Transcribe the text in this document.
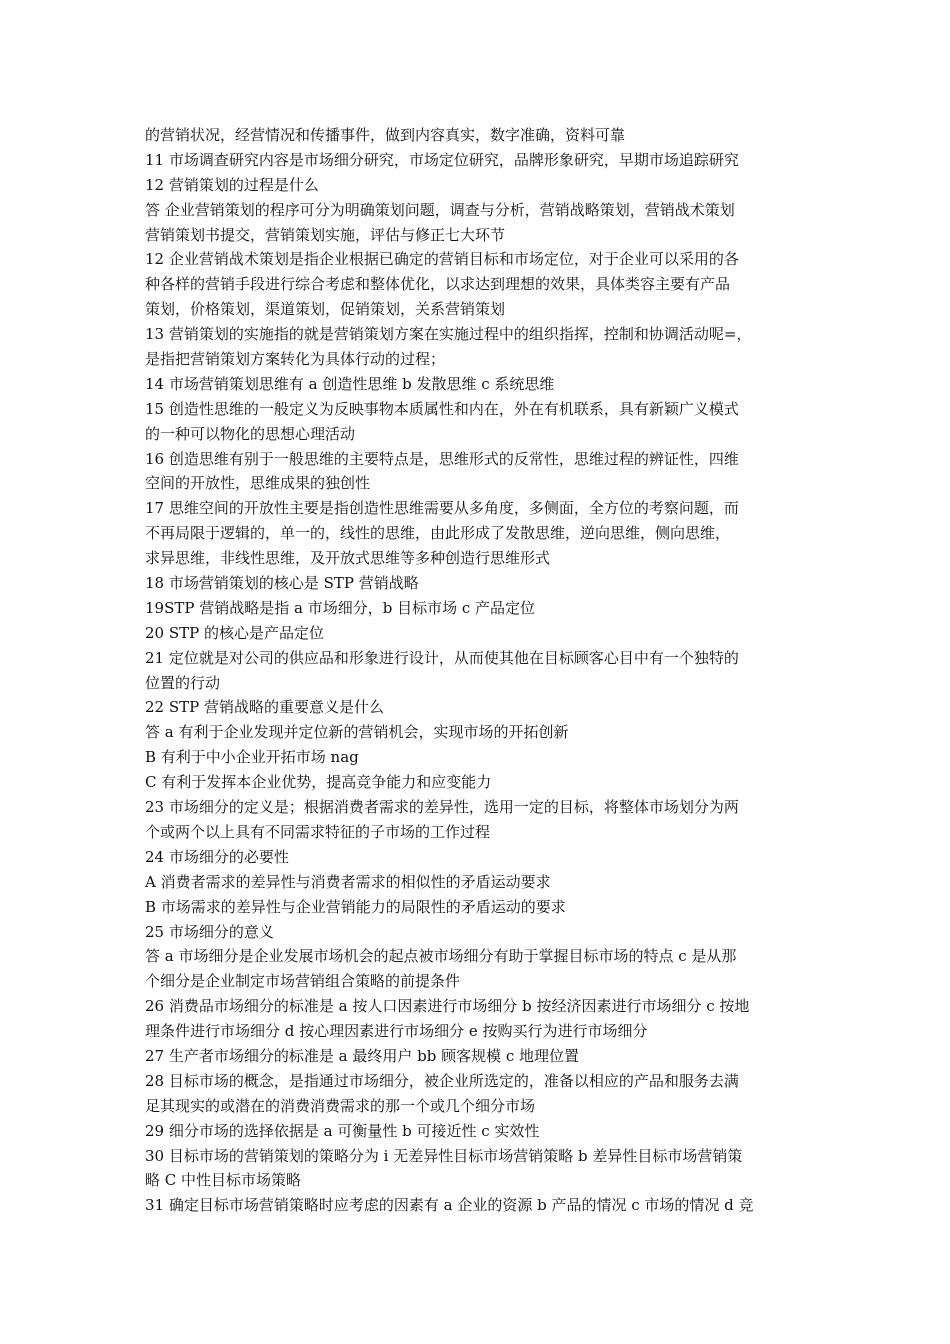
的营销状况，经营情况和传播事件，做到内容真实，数字准确，资料可靠
11 市场调查研究内容是市场细分研究，市场定位研究，品牌形象研究，早期市场追踪研究
12 营销策划的过程是什么
答 企业营销策划的程序可分为明确策划问题，调查与分析，营销战略策划，营销战术策划
营销策划书提交，营销策划实施，评估与修正七大环节
12 企业营销战术策划是指企业根据已确定的营销目标和市场定位，对于企业可以采用的各
种各样的营销手段进行综合考虑和整体优化，以求达到理想的效果，具体类容主要有产品
策划，价格策划，渠道策划，促销策划，关系营销策划
13 营销策划的实施指的就是营销策划方案在实施过程中的组织指挥，控制和协调活动呢=，
是指把营销策划方案转化为具体行动的过程；
14 市场营销策划思维有 a 创造性思维 b 发散思维 c 系统思维
15 创造性思维的一般定义为反映事物本质属性和内在，外在有机联系，具有新颖广义模式
的一种可以物化的思想心理活动
16 创造思维有别于一般思维的主要特点是，思维形式的反常性，思维过程的辨证性，四维
空间的开放性，思维成果的独创性
17 思维空间的开放性主要是指创造性思维需要从多角度，多侧面，全方位的考察问题，而
不再局限于逻辑的，单一的，线性的思维，由此形成了发散思维，逆向思维，侧向思维，
求异思维，非线性思维，及开放式思维等多种创造行思维形式
18 市场营销策划的核心是 STP 营销战略
19STP 营销战略是指 a 市场细分，b 目标市场 c 产品定位
20 STP 的核心是产品定位
21 定位就是对公司的供应品和形象进行设计，从而使其他在目标顾客心目中有一个独特的
位置的行动
22 STP 营销战略的重要意义是什么
答 a 有利于企业发现并定位新的营销机会，实现市场的开拓创新
B 有利于中小企业开拓市场 nag
C 有利于发挥本企业优势，提高竞争能力和应变能力
23 市场细分的定义是；根据消费者需求的差异性，选用一定的目标，将整体市场划分为两
个或两个以上具有不同需求特征的子市场的工作过程
24 市场细分的必要性
A 消费者需求的差异性与消费者需求的相似性的矛盾运动要求
B 市场需求的差异性与企业营销能力的局限性的矛盾运动的要求
25 市场细分的意义
答 a 市场细分是企业发展市场机会的起点被市场细分有助于掌握目标市场的特点 c 是从那
个细分是企业制定市场营销组合策略的前提条件
26 消费品市场细分的标准是 a 按人口因素进行市场细分 b 按经济因素进行市场细分 c 按地
理条件进行市场细分 d 按心理因素进行市场细分 e 按购买行为进行市场细分
27 生产者市场细分的标准是 a 最终用户 bb 顾客规模 c 地理位置
28 目标市场的概念，是指通过市场细分，被企业所选定的，准备以相应的产品和服务去满
足其现实的或潜在的消费消费需求的那一个或几个细分市场
29 细分市场的选择依据是 a 可衡量性 b 可接近性 c 实效性
30 目标市场的营销策划的策略分为 i 无差异性目标市场营销策略 b 差异性目标市场营销策
略 C 中性目标市场策略
31 确定目标市场营销策略时应考虑的因素有 a 企业的资源 b 产品的情况 c 市场的情况 d 竞
